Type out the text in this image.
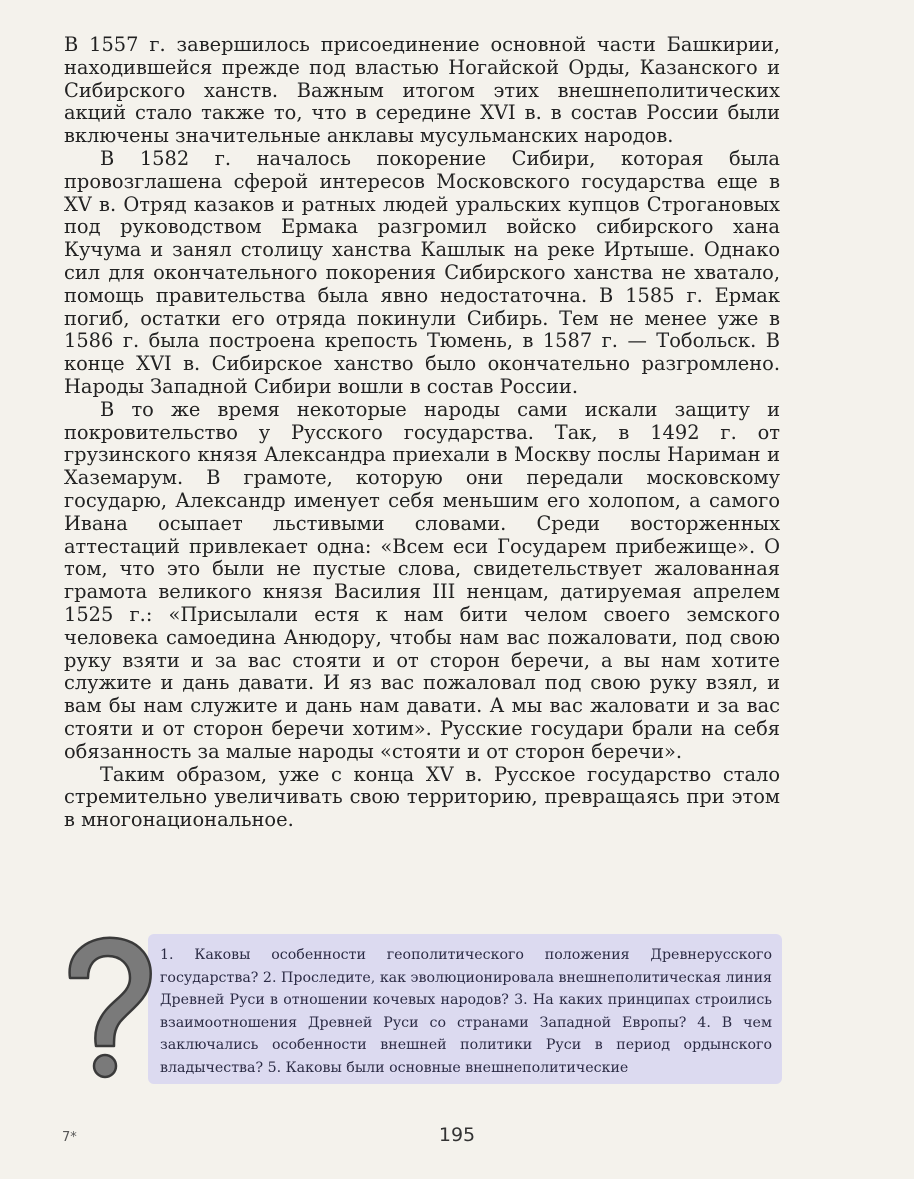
В 1557 г. завершилось присоединение основной части Башкирии, находившейся прежде под властью Ногайской Орды, Казанского и Сибирского ханств. Важным итогом этих внешнеполитических акций стало также то, что в середине XVI в. в состав России были включены значительные анклавы мусульманских народов.

В 1582 г. началось покорение Сибири, которая была провозглашена сферой интересов Московского государства еще в XV в. Отряд казаков и ратных людей уральских купцов Строгановых под руководством Ермака разгромил войско сибирского хана Кучума и занял столицу ханства Кашлык на реке Иртыше. Однако сил для окончательного покорения Сибирского ханства не хватало, помощь правительства была явно недостаточна. В 1585 г. Ермак погиб, остатки его отряда покинули Сибирь. Тем не менее уже в 1586 г. была построена крепость Тюмень, в 1587 г. — Тобольск. В конце XVI в. Сибирское ханство было окончательно разгромлено. Народы Западной Сибири вошли в состав России.

В то же время некоторые народы сами искали защиту и покровительство у Русского государства. Так, в 1492 г. от грузинского князя Александра приехали в Москву послы Нариман и Хаземарум. В грамоте, которую они передали московскому государю, Александр именует себя меньшим его холопом, а самого Ивана осыпает льстивыми словами. Среди восторженных аттестаций привлекает одна: «Всем еси Государем прибежище». О том, что это были не пустые слова, свидетельствует жалованная грамота великого князя Василия III ненцам, датируемая апрелем 1525 г.: «Присылали естя к нам бити челом своего земского человека самоедина Анюдору, чтобы нам вас пожаловати, под свою руку взяти и за вас стояти и от сторон беречи, а вы нам хотите служите и дань давати. И яз вас пожаловал под свою руку взял, и вам бы нам служите и дань нам давати. А мы вас жаловати и за вас стояти и от сторон беречи хотим». Русские государи брали на себя обязанность за малые народы «стояти и от сторон беречи».

Таким образом, уже с конца XV в. Русское государство стало стремительно увеличивать свою территорию, превращаясь при этом в многонациональное.

1. Каковы особенности геополитического положения Древнерусского государства? 2. Проследите, как эволюционировала внешнеполитическая линия Древней Руси в отношении кочевых народов? 3. На каких принципах строились взаимоотношения Древней Руси со странами Западной Европы? 4. В чем заключались особенности внешней политики Руси в период ордынского владычества? 5. Каковы были основные внешнеполитические
7*	195
